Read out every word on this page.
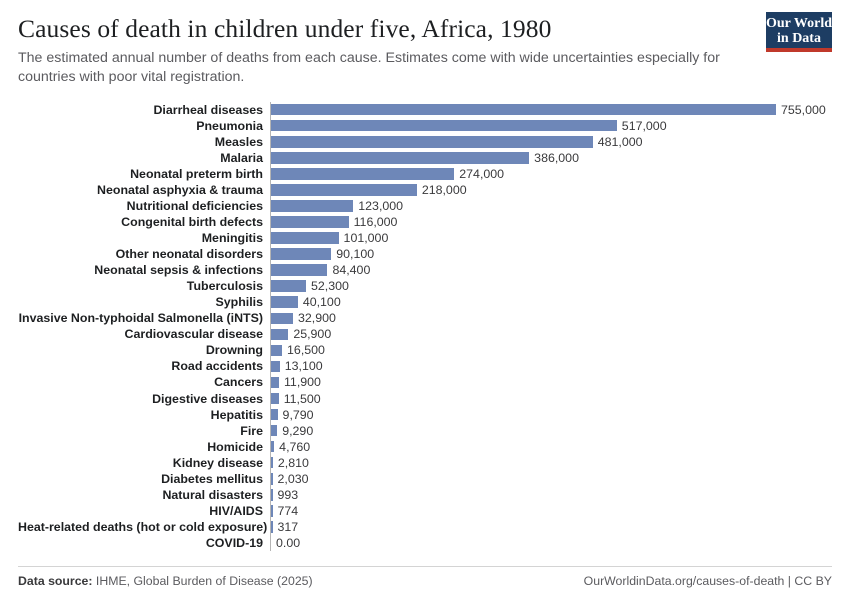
Causes of death in children under five, Africa, 1980

The estimated annual number of deaths from each cause. Estimates come with wide uncertainties especially for countries with poor vital registration.

Our World
in Data
Diarrheal diseases	755,000
Pneumonia	517,000
Measles	481,000
Malaria	386,000
Neonatal preterm birth	274,000
Neonatal asphyxia & trauma	218,000
Nutritional deficiencies	123,000
Congenital birth defects	116,000
Meningitis	101,000
Other neonatal disorders	90,100
Neonatal sepsis & infections	84,400
Tuberculosis	52,300
Syphilis	40,100
Invasive Non-typhoidal Salmonella (iNTS)	32,900
Cardiovascular disease	25,900
Drowning	16,500
Road accidents	13,100
Cancers	11,900
Digestive diseases	11,500
Hepatitis	9,790
Fire	9,290
Homicide	4,760
Kidney disease	2,810
Diabetes mellitus	2,030
Natural disasters	993
HIV/AIDS	774
Heat-related deaths (hot or cold exposure) 317
COVID-19	0.00
Data source: IHME, Global Burden of Disease (2025)	OurWorldinData.org/causes-of-death | CC BY
